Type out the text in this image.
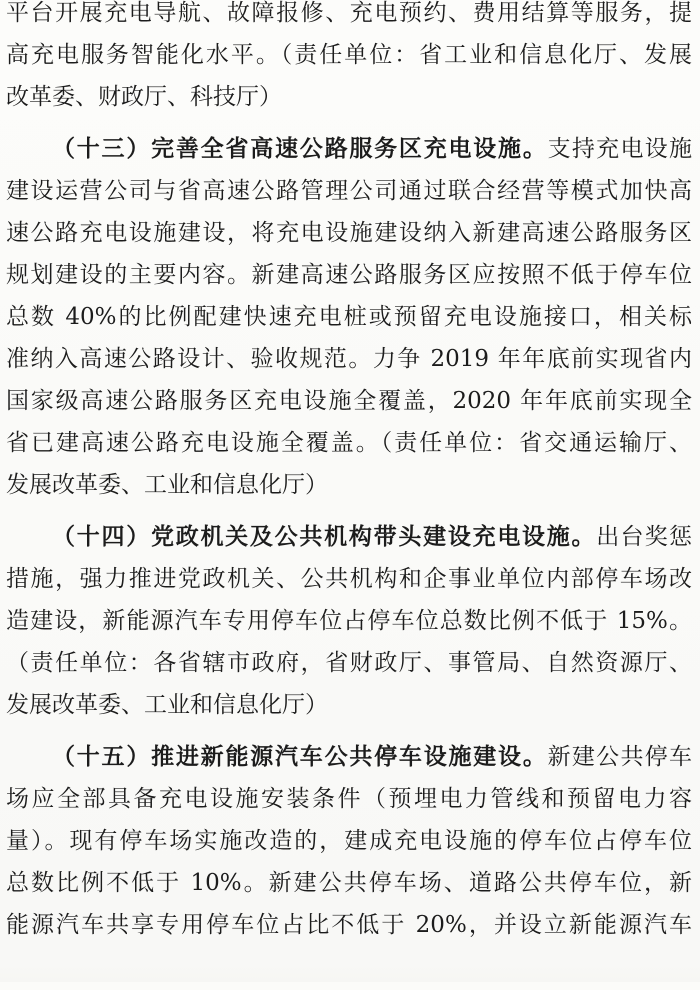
平台开展充电导航、故障报修、充电预约、费用结算等服务，提
高充电服务智能化水平。（责任单位：省工业和信息化厅、发展
改革委、财政厅、科技厅）
（十三）完善全省高速公路服务区充电设施。支持充电设施
建设运营公司与省高速公路管理公司通过联合经营等模式加快高
速公路充电设施建设，将充电设施建设纳入新建高速公路服务区
规划建设的主要内容。新建高速公路服务区应按照不低于停车位
总数 40%的比例配建快速充电桩或预留充电设施接口，相关标
准纳入高速公路设计、验收规范。力争 2019 年年底前实现省内
国家级高速公路服务区充电设施全覆盖，2020 年年底前实现全
省已建高速公路充电设施全覆盖。（责任单位：省交通运输厅、
发展改革委、工业和信息化厅）
（十四）党政机关及公共机构带头建设充电设施。出台奖惩
措施，强力推进党政机关、公共机构和企事业单位内部停车场改
造建设，新能源汽车专用停车位占停车位总数比例不低于 15%。
（责任单位：各省辖市政府，省财政厅、事管局、自然资源厅、
发展改革委、工业和信息化厅）
（十五）推进新能源汽车公共停车设施建设。新建公共停车
场应全部具备充电设施安装条件（预埋电力管线和预留电力容
量）。现有停车场实施改造的，建成充电设施的停车位占停车位
总数比例不低于 10%。新建公共停车场、道路公共停车位，新
能源汽车共享专用停车位占比不低于 20%，并设立新能源汽车
